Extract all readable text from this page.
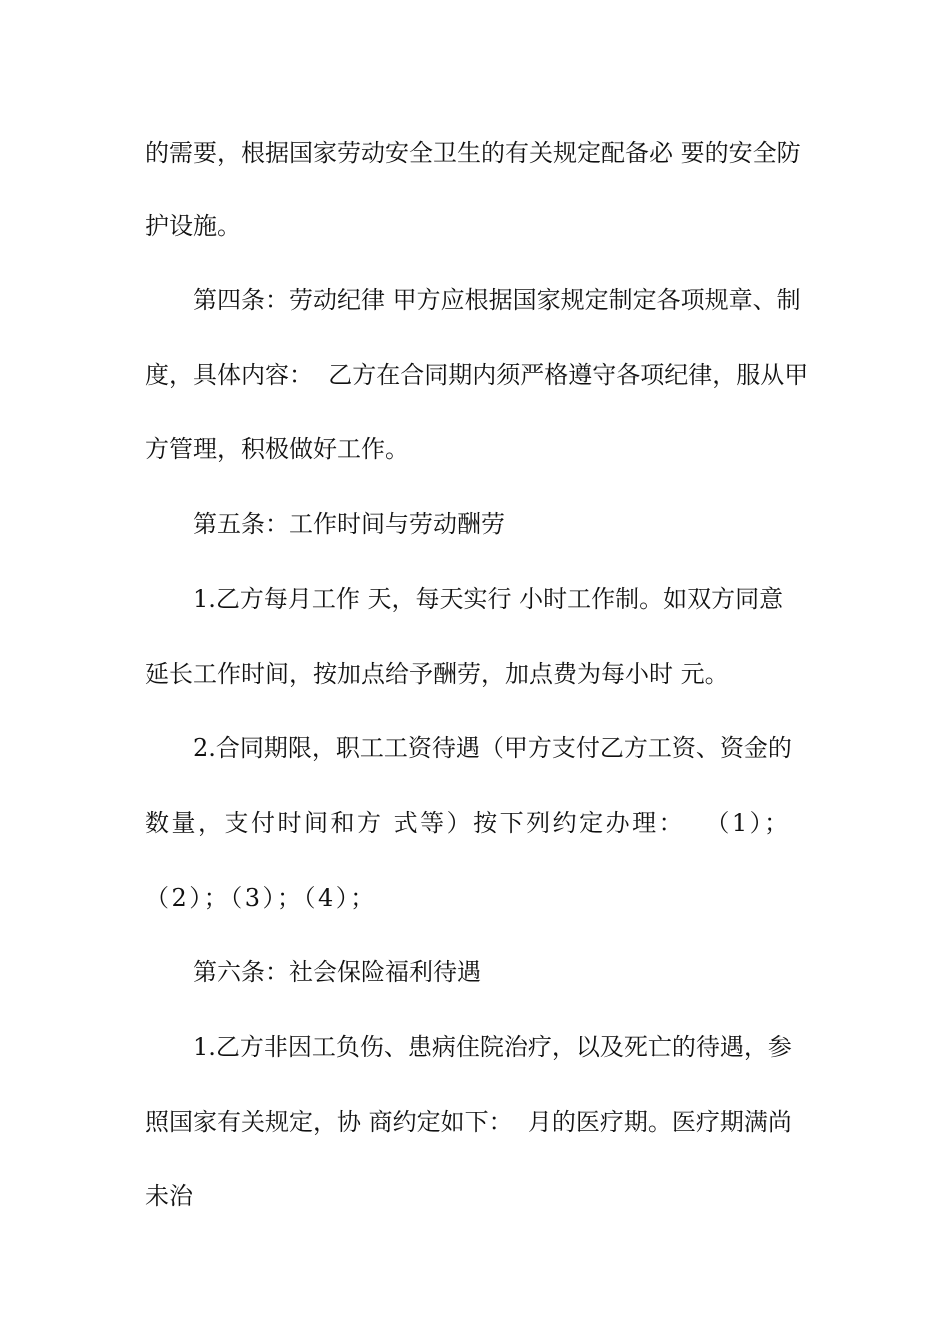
的需要，根据国家劳动安全卫生的有关规定配备必 要的安全防

护设施。

第四条：劳动纪律 甲方应根据国家规定制定各项规章、制

度，具体内容：  乙方在合同期内须严格遵守各项纪律，服从甲

方管理，积极做好工作。

第五条：工作时间与劳动酬劳

1.乙方每月工作 天，每天实行 小时工作制。如双方同意

延长工作时间，按加点给予酬劳，加点费为每小时 元。

2.合同期限，职工工资待遇（甲方支付乙方工资、资金的

数量，支付时间和方 式等）按下列约定办理：  （1）；

（2）；（3）；（4）；

第六条：社会保险福利待遇

1.乙方非因工负伤、患病住院治疗，以及死亡的待遇，参

照国家有关规定，协 商约定如下：  月的医疗期。医疗期满尚

未治
